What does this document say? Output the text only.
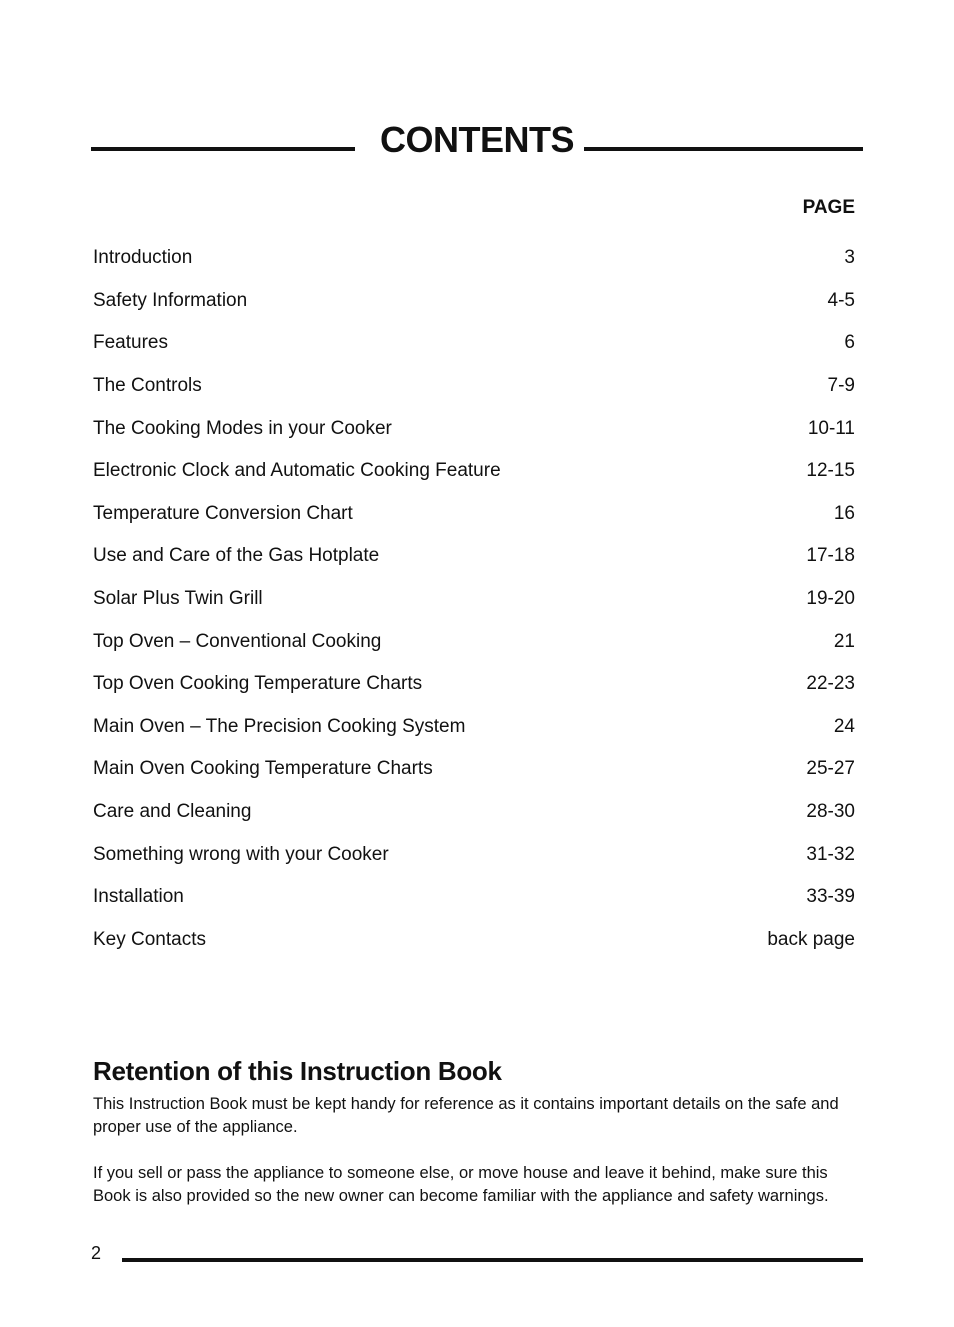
CONTENTS
PAGE
Introduction	3
Safety Information	4-5
Features	6
The Controls	7-9
The Cooking Modes in your Cooker	10-11
Electronic Clock and Automatic Cooking Feature	12-15
Temperature Conversion Chart	16
Use and Care of the Gas Hotplate	17-18
Solar Plus Twin Grill	19-20
Top Oven – Conventional Cooking	21
Top Oven Cooking Temperature Charts	22-23
Main Oven – The Precision Cooking System	24
Main Oven Cooking Temperature Charts	25-27
Care and Cleaning	28-30
Something wrong with your Cooker	31-32
Installation	33-39
Key Contacts	back page
Retention of this Instruction Book

This Instruction Book must be kept handy for reference as it contains important details on the safe and proper use of the appliance.

If you sell or pass the appliance to someone else, or move house and leave it behind, make sure this Book is also provided so the new owner can become familiar with the appliance and safety warnings.

2
